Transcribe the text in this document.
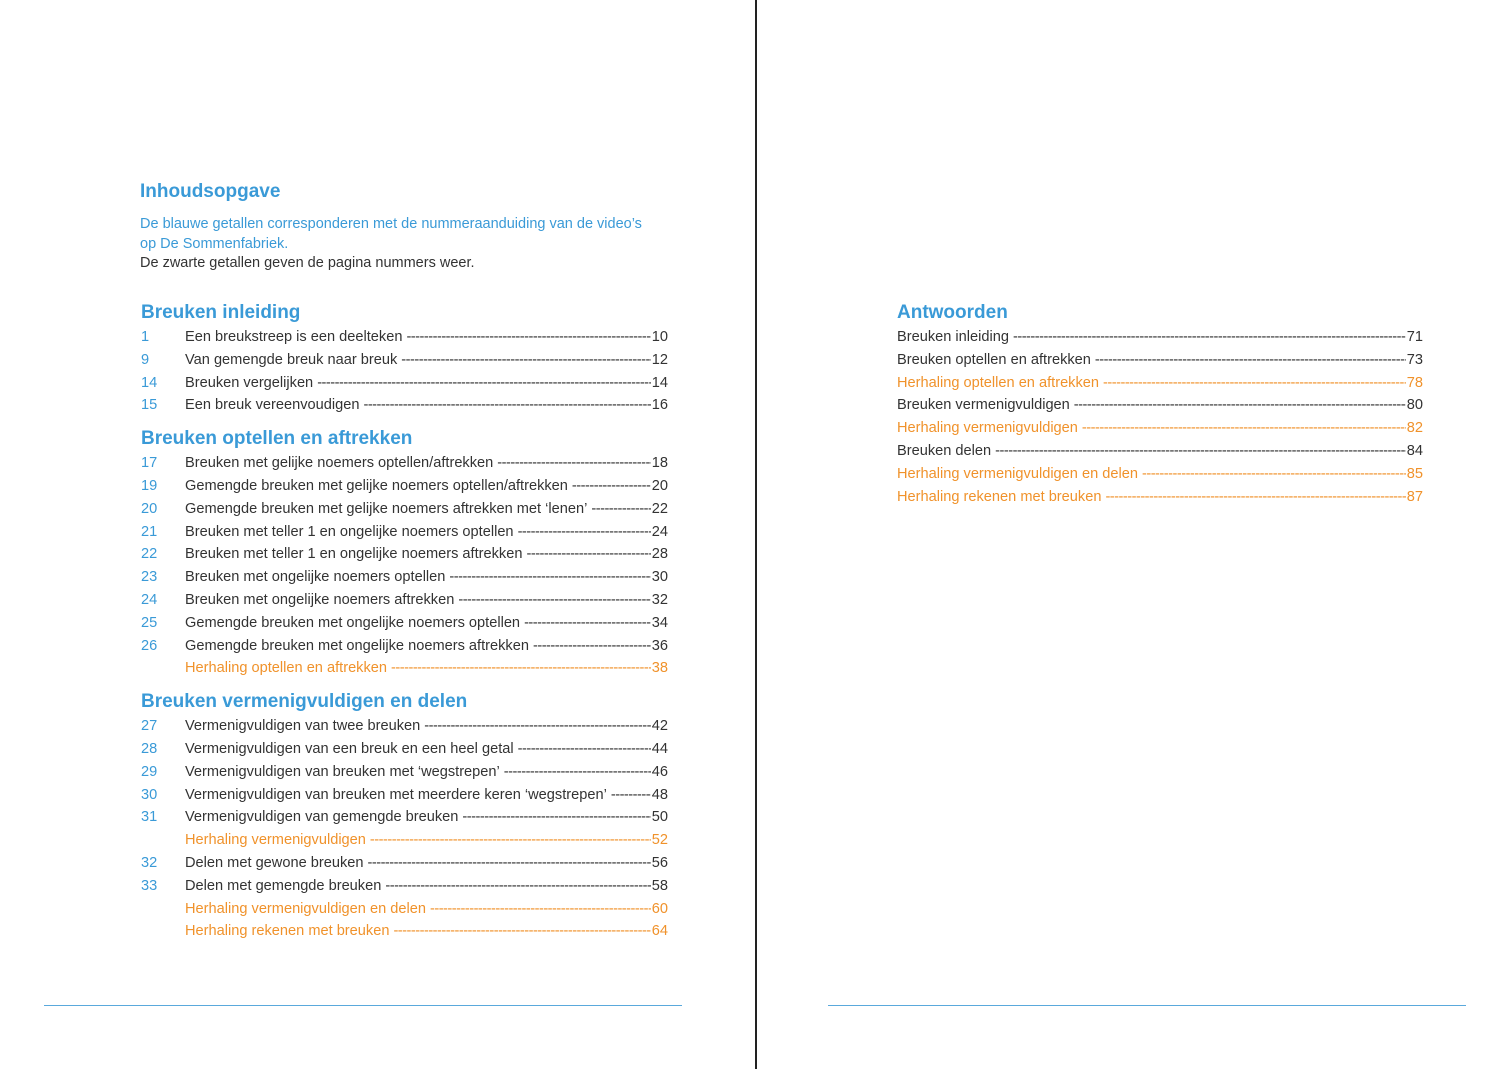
Inhoudsopgave

De blauwe getallen corresponderen met de nummeraanduiding van de video’s op De Sommenfabriek.
De zwarte getallen geven de pagina nummers weer.

Breuken inleiding
1	Een breukstreep is een deelteken -----	10
9	Van gemengde breuk naar breuk -----	12
14	Breuken vergelijken -----	14
15	Een breuk vereenvoudigen -----	16
Breuken optellen en aftrekken
17	Breuken met gelijke noemers optellen/aftrekken -----	18
19	Gemengde breuken met gelijke noemers optellen/aftrekken -----	20
20	Gemengde breuken met gelijke noemers aftrekken met ‘lenen’ -----	22
21	Breuken met teller 1 en ongelijke noemers optellen -----	24
22	Breuken met teller 1 en ongelijke noemers aftrekken -----	28
23	Breuken met ongelijke noemers optellen -----	30
24	Breuken met ongelijke noemers aftrekken -----	32
25	Gemengde breuken met ongelijke noemers optellen -----	34
26	Gemengde breuken met ongelijke noemers aftrekken -----	36
Herhaling optellen en aftrekken -----	38
Breuken vermenigvuldigen en delen
27	Vermenigvuldigen van twee breuken -----	42
28	Vermenigvuldigen van een breuk en een heel getal -----	44
29	Vermenigvuldigen van breuken met ‘wegstrepen’ -----	46
30	Vermenigvuldigen van breuken met meerdere keren ‘wegstrepen’ -----	48
31	Vermenigvuldigen van gemengde breuken -----	50
Herhaling vermenigvuldigen -----	52
32	Delen met gewone breuken -----	56
33	Delen met gemengde breuken -----	58
Herhaling vermenigvuldigen en delen -----	60
Herhaling rekenen met breuken -----	64
Antwoorden
Breuken inleiding -----	71
Breuken optellen en aftrekken -----	73
Herhaling optellen en aftrekken -----	78
Breuken vermenigvuldigen -----	80
Herhaling vermenigvuldigen -----	82
Breuken delen -----	84
Herhaling vermenigvuldigen en delen -----	85
Herhaling rekenen met breuken -----	87
